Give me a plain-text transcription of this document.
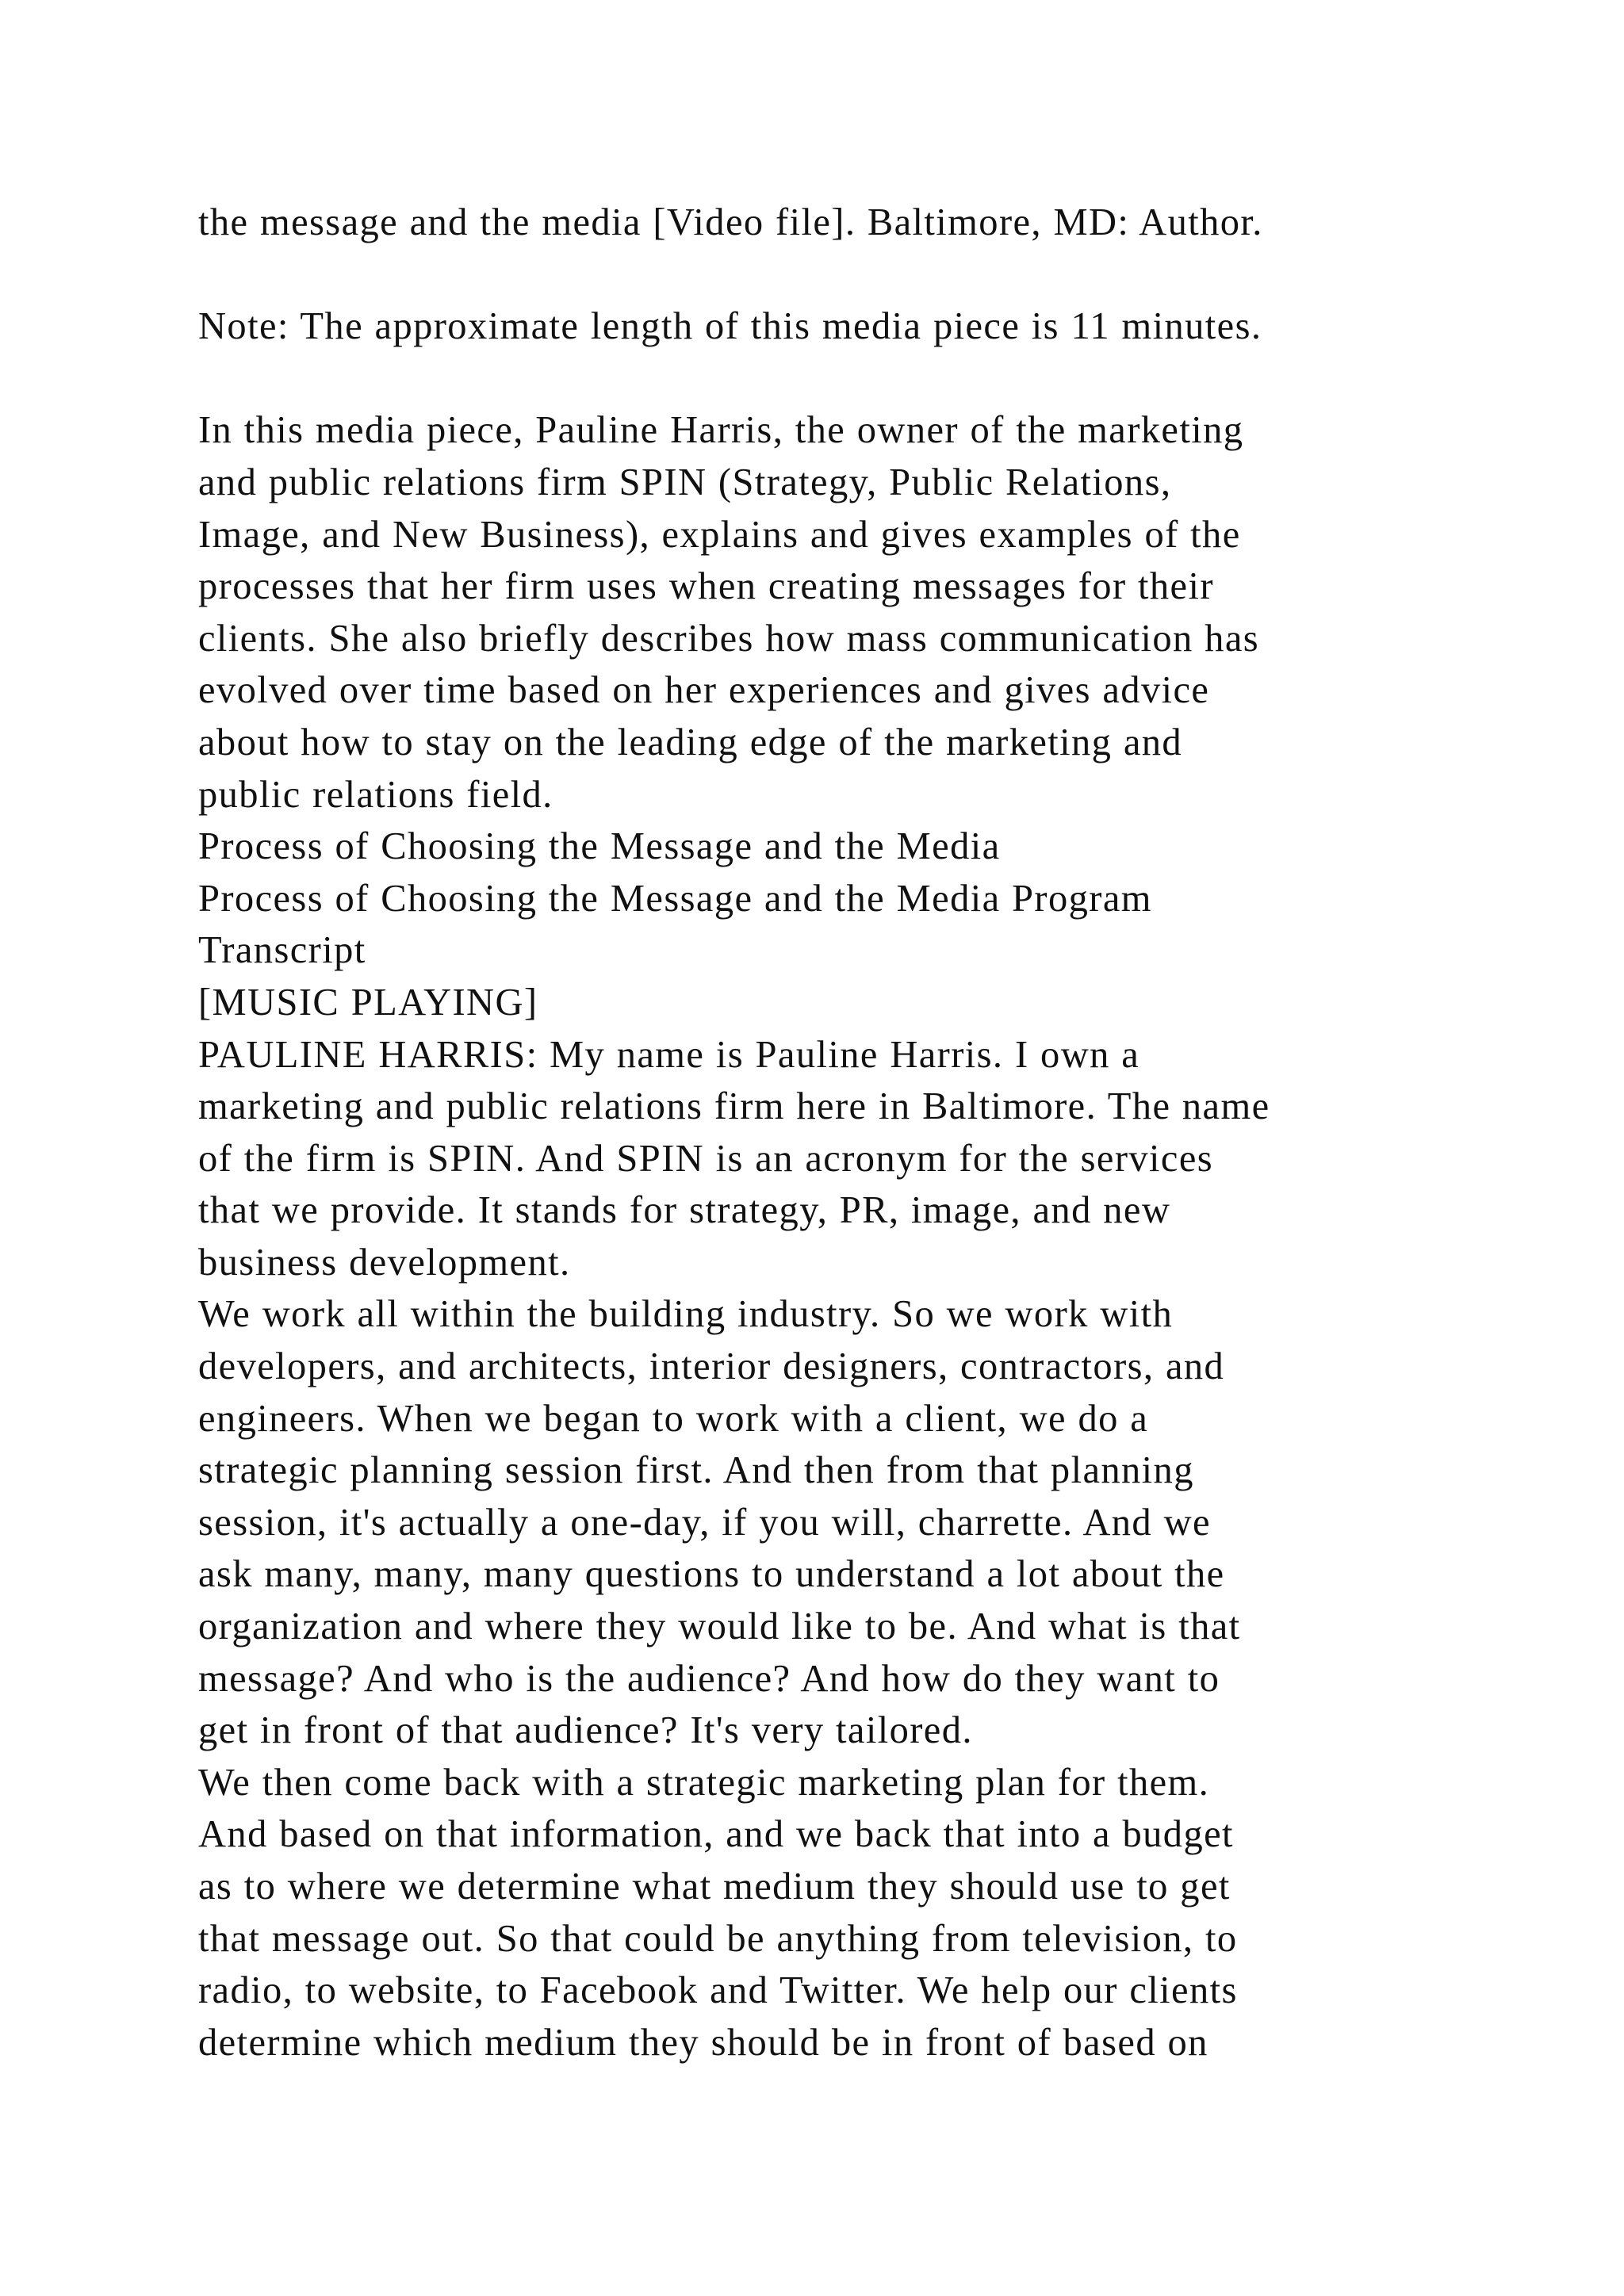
the message and the media [Video file]. Baltimore, MD: Author.
Note: The approximate length of this media piece is 11 minutes.
In this media piece, Pauline Harris, the owner of the marketing
and public relations firm SPIN (Strategy, Public Relations,
Image, and New Business), explains and gives examples of the
processes that her firm uses when creating messages for their
clients. She also briefly describes how mass communication has
evolved over time based on her experiences and gives advice
about how to stay on the leading edge of the marketing and
public relations field.
Process of Choosing the Message and the Media
Process of Choosing the Message and the Media Program
Transcript
[MUSIC PLAYING]
PAULINE HARRIS: My name is Pauline Harris. I own a
marketing and public relations firm here in Baltimore. The name
of the firm is SPIN. And SPIN is an acronym for the services
that we provide. It stands for strategy, PR, image, and new
business development.
We work all within the building industry. So we work with
developers, and architects, interior designers, contractors, and
engineers. When we began to work with a client, we do a
strategic planning session first. And then from that planning
session, it's actually a one-day, if you will, charrette. And we
ask many, many, many questions to understand a lot about the
organization and where they would like to be. And what is that
message? And who is the audience? And how do they want to
get in front of that audience? It's very tailored.
We then come back with a strategic marketing plan for them.
And based on that information, and we back that into a budget
as to where we determine what medium they should use to get
that message out. So that could be anything from television, to
radio, to website, to Facebook and Twitter. We help our clients
determine which medium they should be in front of based on
